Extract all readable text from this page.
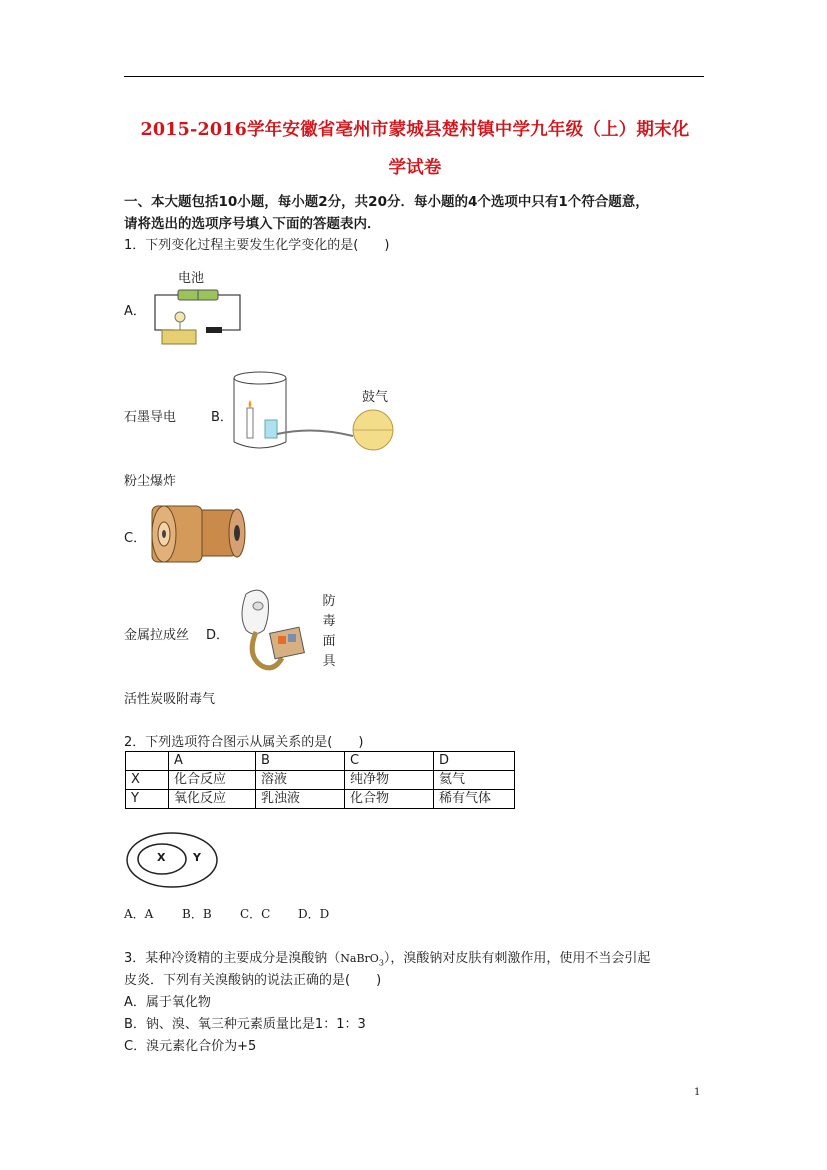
2015-2016学年安徽省亳州市蒙城县楚村镇中学九年级（上）期末化
学试卷
一、本大题包括10小题，每小题2分，共20分．每小题的4个选项中只有1个符合题意，
请将选出的选项序号填入下面的答题表内．
1．下列变化过程主要发生化学变化的是(　　)
A．
电池
石墨导电	B．
鼓气
粉尘爆炸
C．
金属拉成丝 D．
防
毒
面
具
活性炭吸附毒气
2．下列选项符合图示从属关系的是(　　)
	A	B	C	D
X	化合反应	溶液	纯净物	氦气
Y	氧化反应	乳浊液	化合物	稀有气体
X	Y
A．A B．B C．C D．D
3．某种冷烫精的主要成分是溴酸钠（NaBrO$_3$），溴酸钠对皮肤有刺激作用，使用不当会引起
皮炎．下列有关溴酸钠的说法正确的是(　　)
A．属于氧化物
B．钠、溴、氧三种元素质量比是1：1：3
C．溴元素化合价为+5
1
